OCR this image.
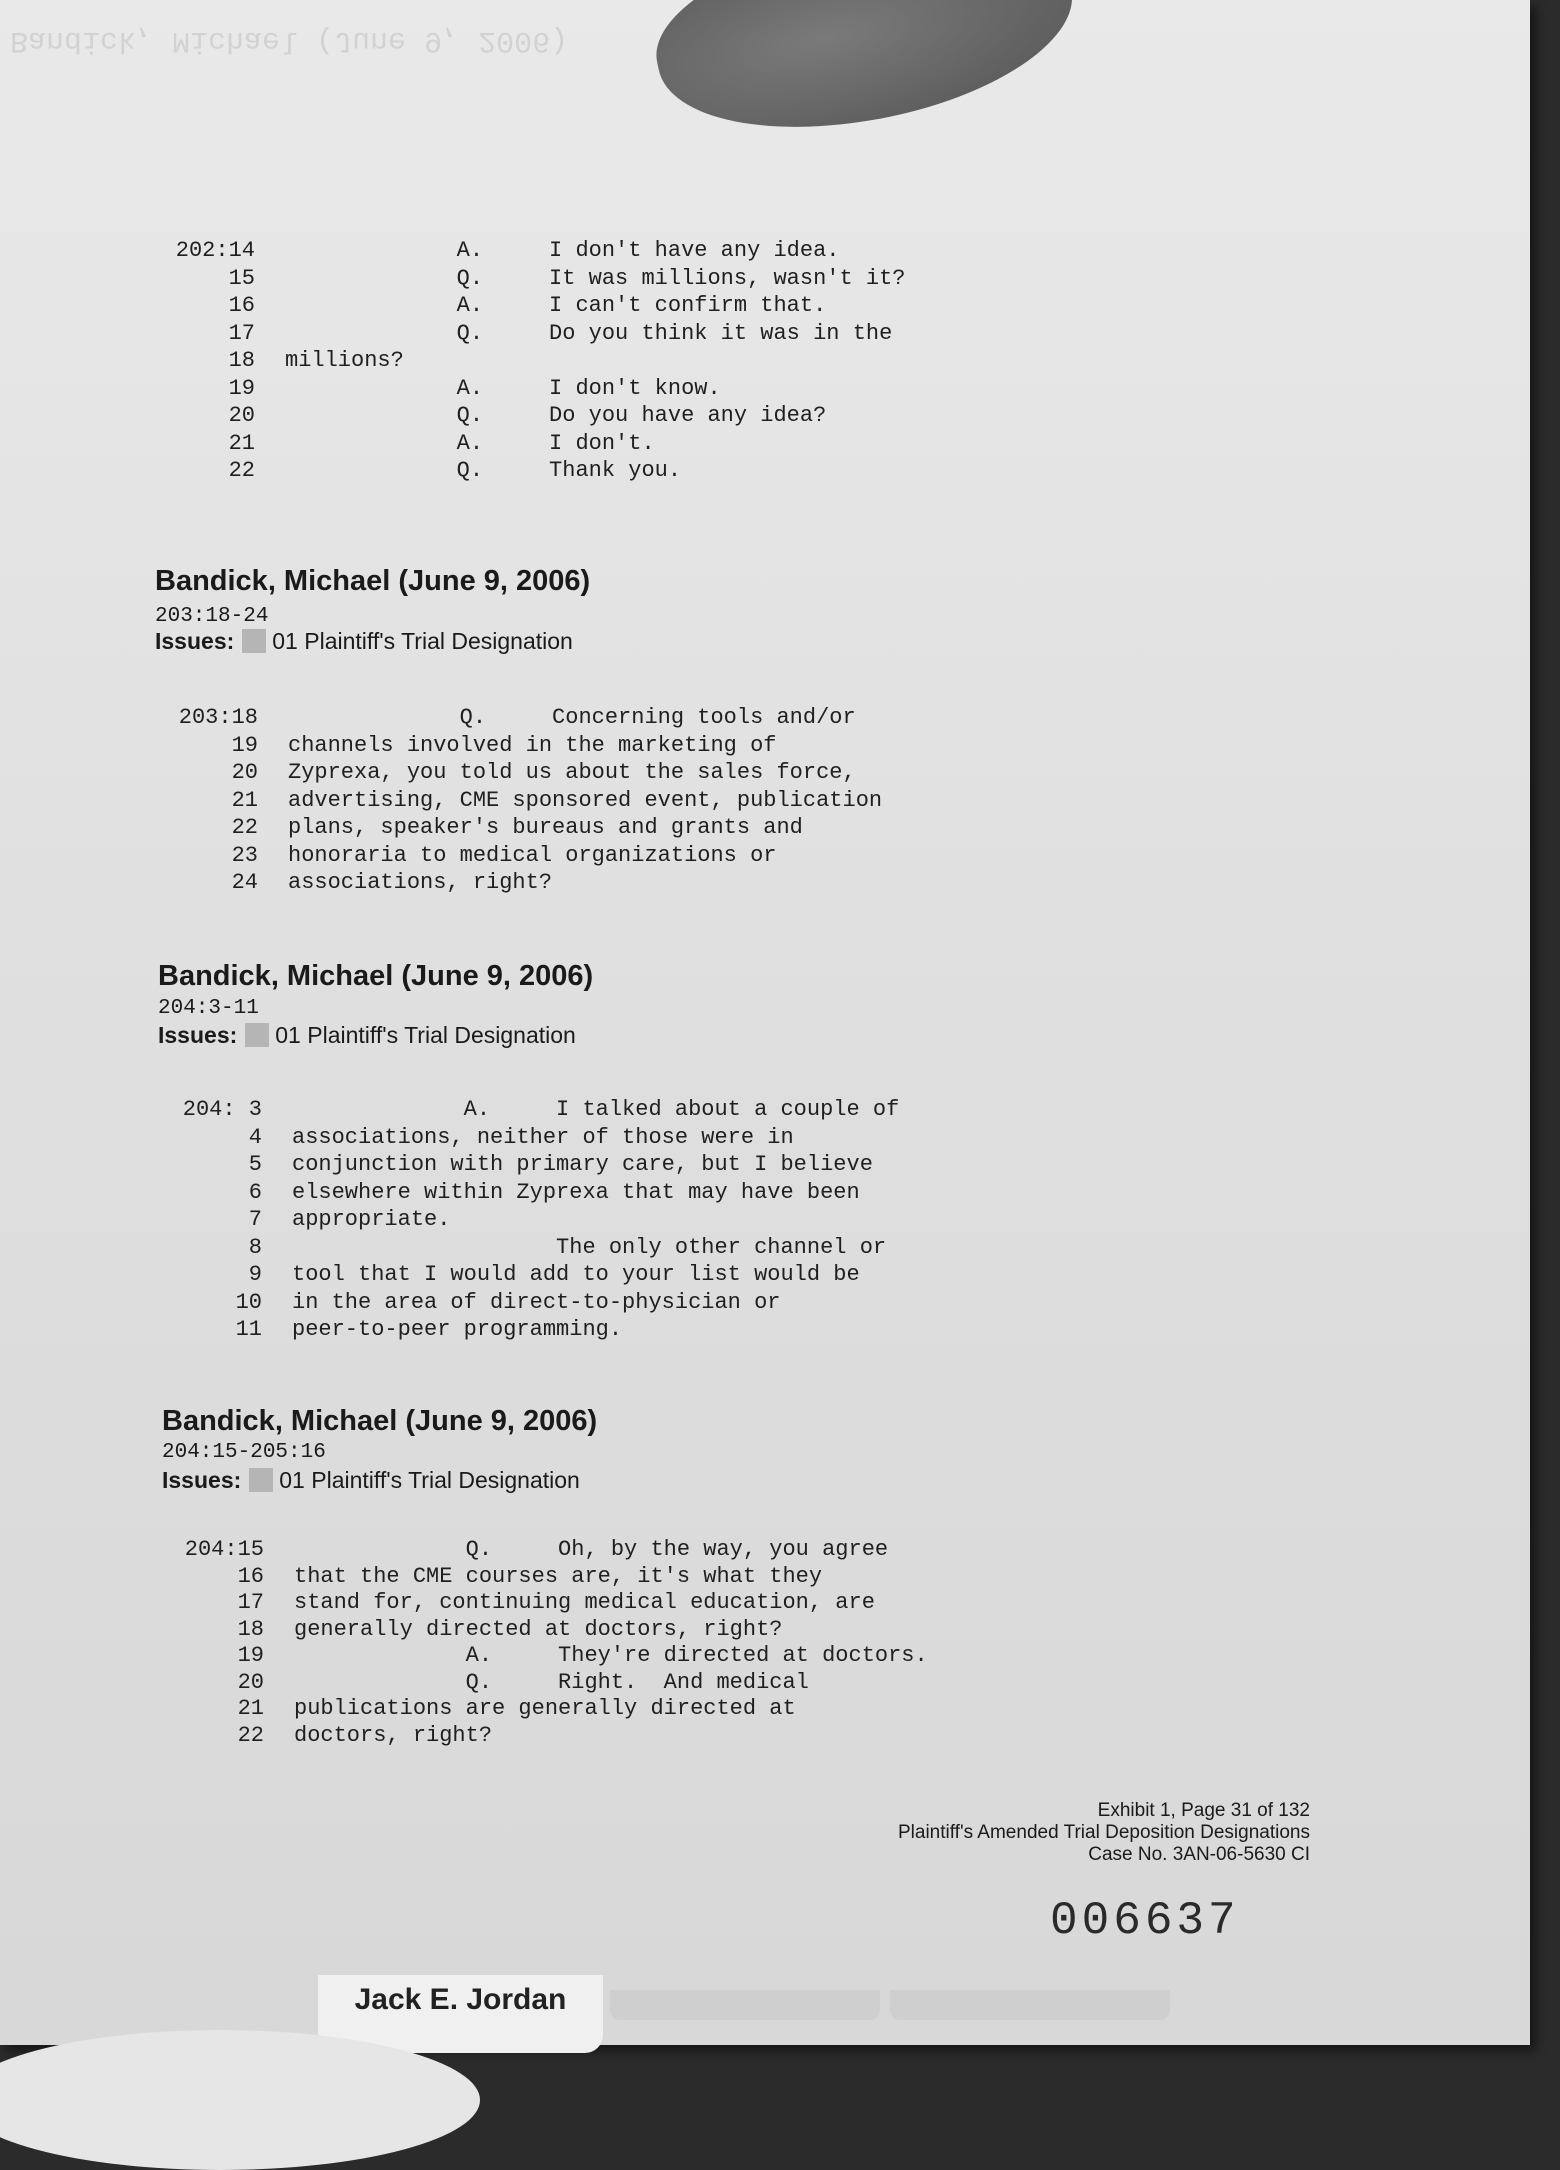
Bandick, Michael (June 9, 2006)
202:14 A.     I don't have any idea.
15 Q.     It was millions, wasn't it?
16 A.     I can't confirm that.
17 Q.     Do you think it was in the
18 millions?
19 A.     I don't know.
20 Q.     Do you have any idea?
21 A.     I don't.
22 Q.     Thank you.
Bandick, Michael (June 9, 2006)
203:18-24
Issues: 01 Plaintiff's Trial Designation
203:18 Q.     Concerning tools and/or
19 channels involved in the marketing of
20 Zyprexa, you told us about the sales force,
21 advertising, CME sponsored event, publication
22 plans, speaker's bureaus and grants and
23 honoraria to medical organizations or
24 associations, right?
Bandick, Michael (June 9, 2006)
204:3-11
Issues: 01 Plaintiff's Trial Designation
204: 3 A.     I talked about a couple of
4 associations, neither of those were in
5 conjunction with primary care, but I believe
6 elsewhere within Zyprexa that may have been
7 appropriate.
8 The only other channel or
9 tool that I would add to your list would be
10 in the area of direct-to-physician or
11 peer-to-peer programming.
Bandick, Michael (June 9, 2006)
204:15-205:16
Issues: 01 Plaintiff's Trial Designation
204:15 Q.     Oh, by the way, you agree
16 that the CME courses are, it's what they
17 stand for, continuing medical education, are
18 generally directed at doctors, right?
19 A.     They're directed at doctors.
20 Q.     Right.  And medical
21 publications are generally directed at
22 doctors, right?
Exhibit 1, Page 31 of 132
Plaintiff's Amended Trial Deposition Designations
Case No. 3AN-06-5630 CI
006637
Jack E. Jordan
